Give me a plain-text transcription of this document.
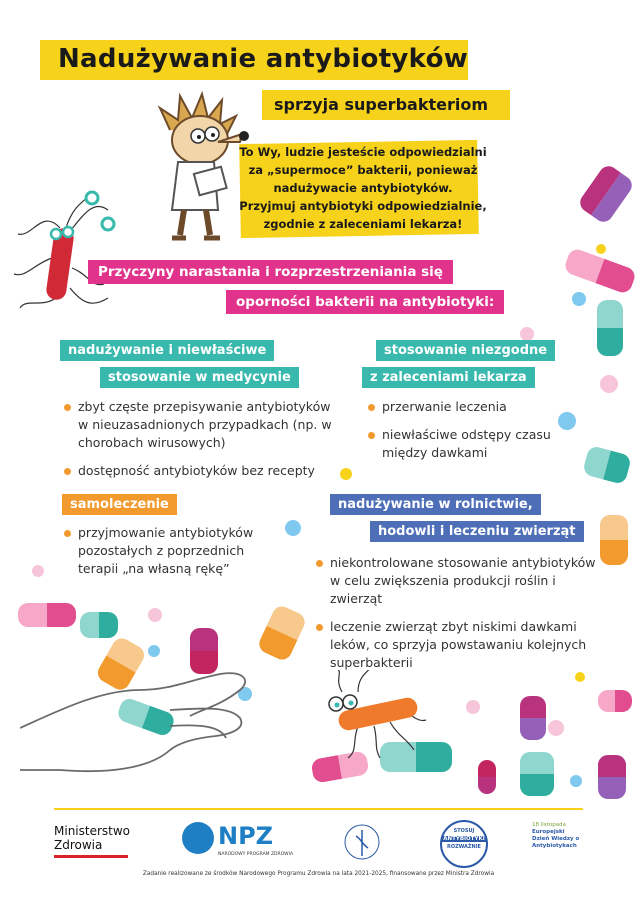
Nadużywanie antybiotyków
sprzyja superbakteriom
To Wy, ludzie jesteście odpowiedzialni
za „supermoce” bakterii, ponieważ
nadużywacie antybiotyków.
Przyjmuj antybiotyki odpowiedzialnie,
zgodnie z zaleceniami lekarza!
Przyczyny narastania i rozprzestrzeniania się
oporności bakterii na antybiotyki:
nadużywanie i niewłaściwe
stosowanie w medycynie
zbyt częste przepisywanie antybiotyków w nieuzasadnionych przypadkach (np. w chorobach wirusowych)
dostępność antybiotyków bez recepty
stosowanie niezgodne
z zaleceniami lekarza
przerwanie leczenia
niewłaściwe odstępy czasu między dawkami
samoleczenie
przyjmowanie antybiotyków pozostałych z poprzednich terapii „na własną rękę”
nadużywanie w rolnictwie,
hodowli i leczeniu zwierząt
niekontrolowane stosowanie antybiotyków w celu zwiększenia produkcji roślin i zwierząt
leczenie zwierząt zbyt niskimi dawkami leków, co sprzyja powstawaniu kolejnych superbakterii
Ministerstwo
Zdrowia	NPZ
NARODOWY PROGRAM ZDROWIA
STOSUJ
ANTYBIOTYKI
ROZWAŻNIE
18 listopada
Europejski
Dzień Wiedzy o
Antybiotykach
Zadanie realizowane ze środków Narodowego Programu Zdrowia na lata 2021-2025, finansowane przez Ministra Zdrowia
